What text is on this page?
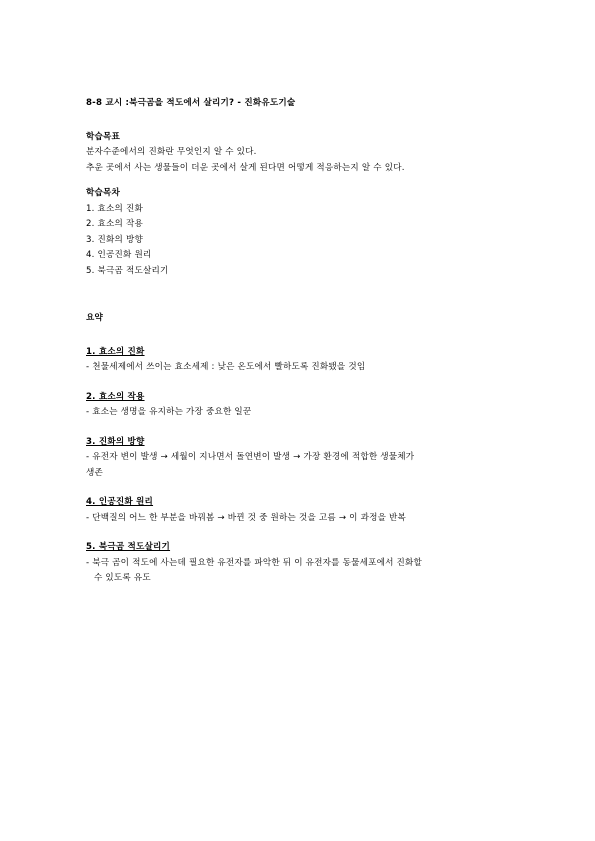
8-8 교시 :북극곰을 적도에서 살리기? - 진화유도기술
학습목표
분자수준에서의 진화란 무엇인지 알 수 있다.
추운 곳에서 사는 생물들이 더운 곳에서 살게 된다면 어떻게 적응하는지 알 수 있다.
학습목차
1. 효소의 진화
2. 효소의 작용
3. 진화의 방향
4. 인공진화 원리
5. 북극곰 적도살리기
요약
1. 효소의 진화
- 천물세제에서 쓰이는 효소세제 : 낮은 온도에서 빨하도록 진화됐을 것임
2. 효소의 작용
- 효소는 생명을 유지하는 가장 중요한 일꾼
3. 진화의 방향
- 유전자 변이 발생 → 세월이 지나면서 돌연변이 발생 → 가장 환경에 적합한 생물체가
생존
4. 인공진화 원리
- 단백질의 어느 한 부분을 바꿔봄 → 바뀐 것 중 원하는 것을 고름 → 이 과정을 반복
5. 북극곰 적도살리기
- 북극 곰이 적도에 사는데 필요한 유전자를 파악한 뒤 이 유전자를 동물세포에서 진화할
수 있도록 유도
